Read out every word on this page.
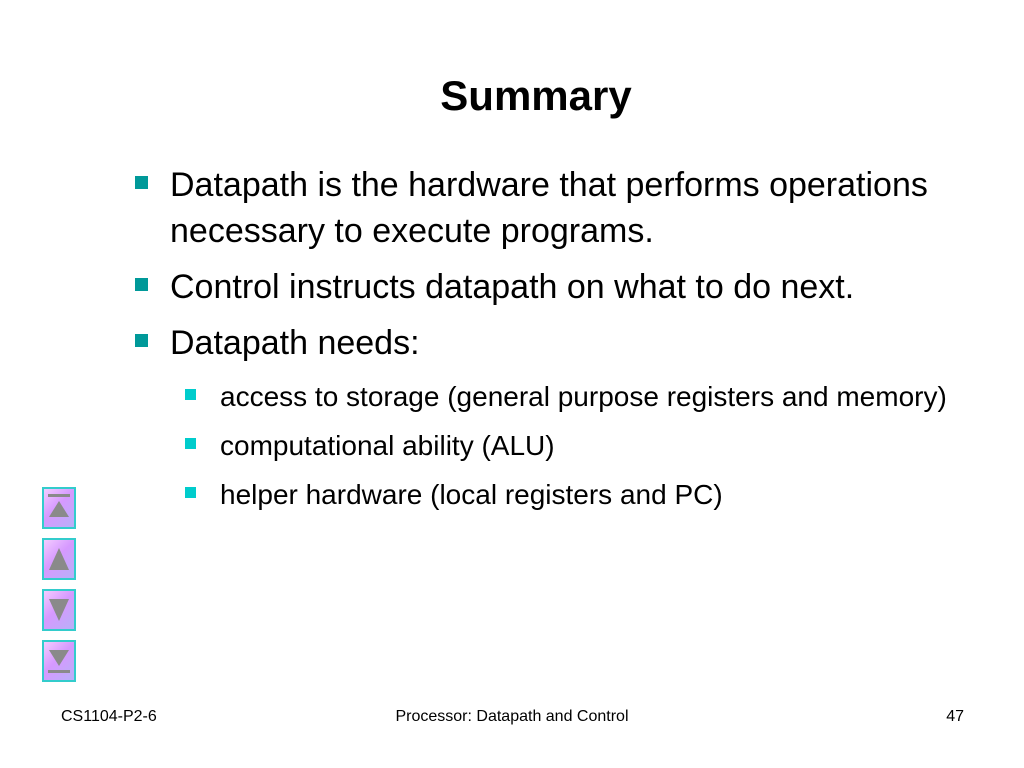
Summary
Datapath is the hardware that performs operations necessary to execute programs.
Control instructs datapath on what to do next.
Datapath needs:
access to storage (general purpose registers and memory)
computational ability (ALU)
helper hardware (local registers and PC)
CS1104-P2-6	Processor: Datapath and Control	47
